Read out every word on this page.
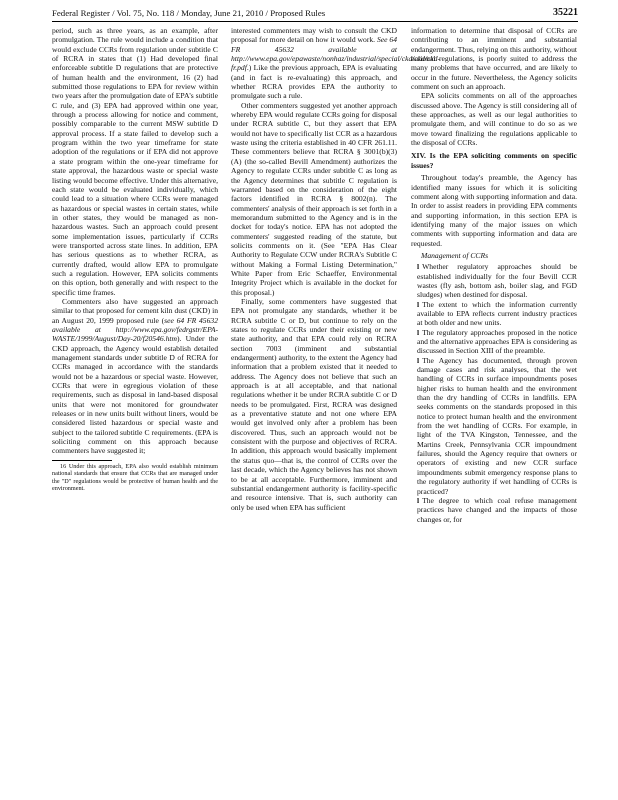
Federal Register / Vol. 75, No. 118 / Monday, June 21, 2010 / Proposed Rules	35221

period, such as three years, as an example, after promulgation. The rule would include a condition that would exclude CCRs from regulation under subtitle C of RCRA in states that (1) Had developed final enforceable subtitle D regulations that are protective of human health and the environment, 16 (2) had submitted those regulations to EPA for review within two years after the promulgation date of EPA's subtitle C rule, and (3) EPA had approved within one year, through a process allowing for notice and comment, possibly comparable to the current MSW subtitle D approval process. If a state failed to develop such a program within the two year timeframe for state adoption of the regulations or if EPA did not approve a state program within the one-year timeframe for state approval, the hazardous waste or special waste listing would become effective. Under this alternative, each state would be evaluated individually, which could lead to a situation where CCRs were managed as hazardous or special wastes in certain states, while in other states, they would be managed as non-hazardous wastes. Such an approach could present some implementation issues, particularly if CCRs were transported across state lines. In addition, EPA has serious questions as to whether RCRA, as currently drafted, would allow EPA to promulgate such a regulation. However, EPA solicits comments on this option, both generally and with respect to the specific time frames.

Commenters also have suggested an approach similar to that proposed for cement kiln dust (CKD) in an August 20, 1999 proposed rule (see 64 FR 45632 available at http://www.epa.gov/fedrgstr/EPA-WASTE/1999/August/Day-20/f20546.htm). Under the CKD approach, the Agency would establish detailed management standards under subtitle D of RCRA for CCRs managed in accordance with the standards would not be a hazardous or special waste. However, CCRs that were in egregious violation of these requirements, such as disposal in land-based disposal units that were not monitored for groundwater releases or in new units built without liners, would be considered listed hazardous or special waste and subject to the tailored subtitle C requirements. (EPA is soliciting comment on this approach because commenters have suggested it;

16 Under this approach, EPA also would establish minimum national standards that ensure that CCRs that are managed under the "D" regulations would be protective of human health and the environment.

interested commenters may wish to consult the CKD proposal for more detail on how it would work. See 64 FR 45632 available at http://www.epa.gov/epawaste/nonhaz/industrial/special/ckd/ckd/ckd-fr.pdf.) Like the previous approach, EPA is evaluating (and in fact is re-evaluating) this approach, and whether RCRA provides EPA the authority to promulgate such a rule.

Other commenters suggested yet another approach whereby EPA would regulate CCRs going for disposal under RCRA subtitle C, but they assert that EPA would not have to specifically list CCR as a hazardous waste using the criteria established in 40 CFR 261.11. These commenters believe that RCRA § 3001(b)(3)(A) (the so-called Bevill Amendment) authorizes the Agency to regulate CCRs under subtitle C as long as the Agency determines that subtitle C regulation is warranted based on the consideration of the eight factors identified in RCRA § 8002(n). The commenters' analysis of their approach is set forth in a memorandum submitted to the Agency and is in the docket for today's notice. EPA has not adopted the commenters' suggested reading of the statute, but solicits comments on it. (See "EPA Has Clear Authority to Regulate CCW under RCRA's Subtitle C without Making a Formal Listing Determination," White Paper from Eric Schaeffer, Environmental Integrity Project which is available in the docket for this proposal.)

Finally, some commenters have suggested that EPA not promulgate any standards, whether it be RCRA subtitle C or D, but continue to rely on the states to regulate CCRs under their existing or new state authority, and that EPA could rely on RCRA section 7003 (imminent and substantial endangerment) authority, to the extent the Agency had information that a problem existed that it needed to address. The Agency does not believe that such an approach is at all acceptable, and that national regulations whether it be under RCRA subtitle C or D needs to be promulgated. First, RCRA was designed as a preventative statute and not one where EPA would get involved only after a problem has been discovered. Thus, such an approach would not be consistent with the purpose and objectives of RCRA. In addition, this approach would basically implement the status quo—that is, the control of CCRs over the last decade, which the Agency believes has not shown to be at all acceptable. Furthermore, imminent and substantial endangerment authority is facility-specific and resource intensive. That is, such authority can only be used when EPA has sufficient

information to determine that disposal of CCRs are contributing to an imminent and substantial endangerment. Thus, relying on this authority, without national regulations, is poorly suited to address the many problems that have occurred, and are likely to occur in the future. Nevertheless, the Agency solicits comment on such an approach.

EPA solicits comments on all of the approaches discussed above. The Agency is still considering all of these approaches, as well as our legal authorities to promulgate them, and will continue to do so as we move toward finalizing the regulations applicable to the disposal of CCRs.

XIV. Is the EPA soliciting comments on specific issues?

Throughout today's preamble, the Agency has identified many issues for which it is soliciting comment along with supporting information and data. In order to assist readers in providing EPA comments and supporting information, in this section EPA is identifying many of the major issues on which comments with supporting information and data are requested.

Management of CCRs

l Whether regulatory approaches should be established individually for the four Bevill CCR wastes (fly ash, bottom ash, boiler slag, and FGD sludges) when destined for disposal.

l The extent to which the information currently available to EPA reflects current industry practices at both older and new units.

l The regulatory approaches proposed in the notice and the alternative approaches EPA is considering as discussed in Section XIII of the preamble.

l The Agency has documented, through proven damage cases and risk analyses, that the wet handling of CCRs in surface impoundments poses higher risks to human health and the environment than the dry handling of CCRs in landfills. EPA seeks comments on the standards proposed in this notice to protect human health and the environment from the wet handling of CCRs. For example, in light of the TVA Kingston, Tennessee, and the Martins Creek, Pennsylvania CCR impoundment failures, should the Agency require that owners or operators of existing and new CCR surface impoundments submit emergency response plans to the regulatory authority if wet handling of CCRs is practiced?

l The degree to which coal refuse management practices have changed and the impacts of those changes or, for
